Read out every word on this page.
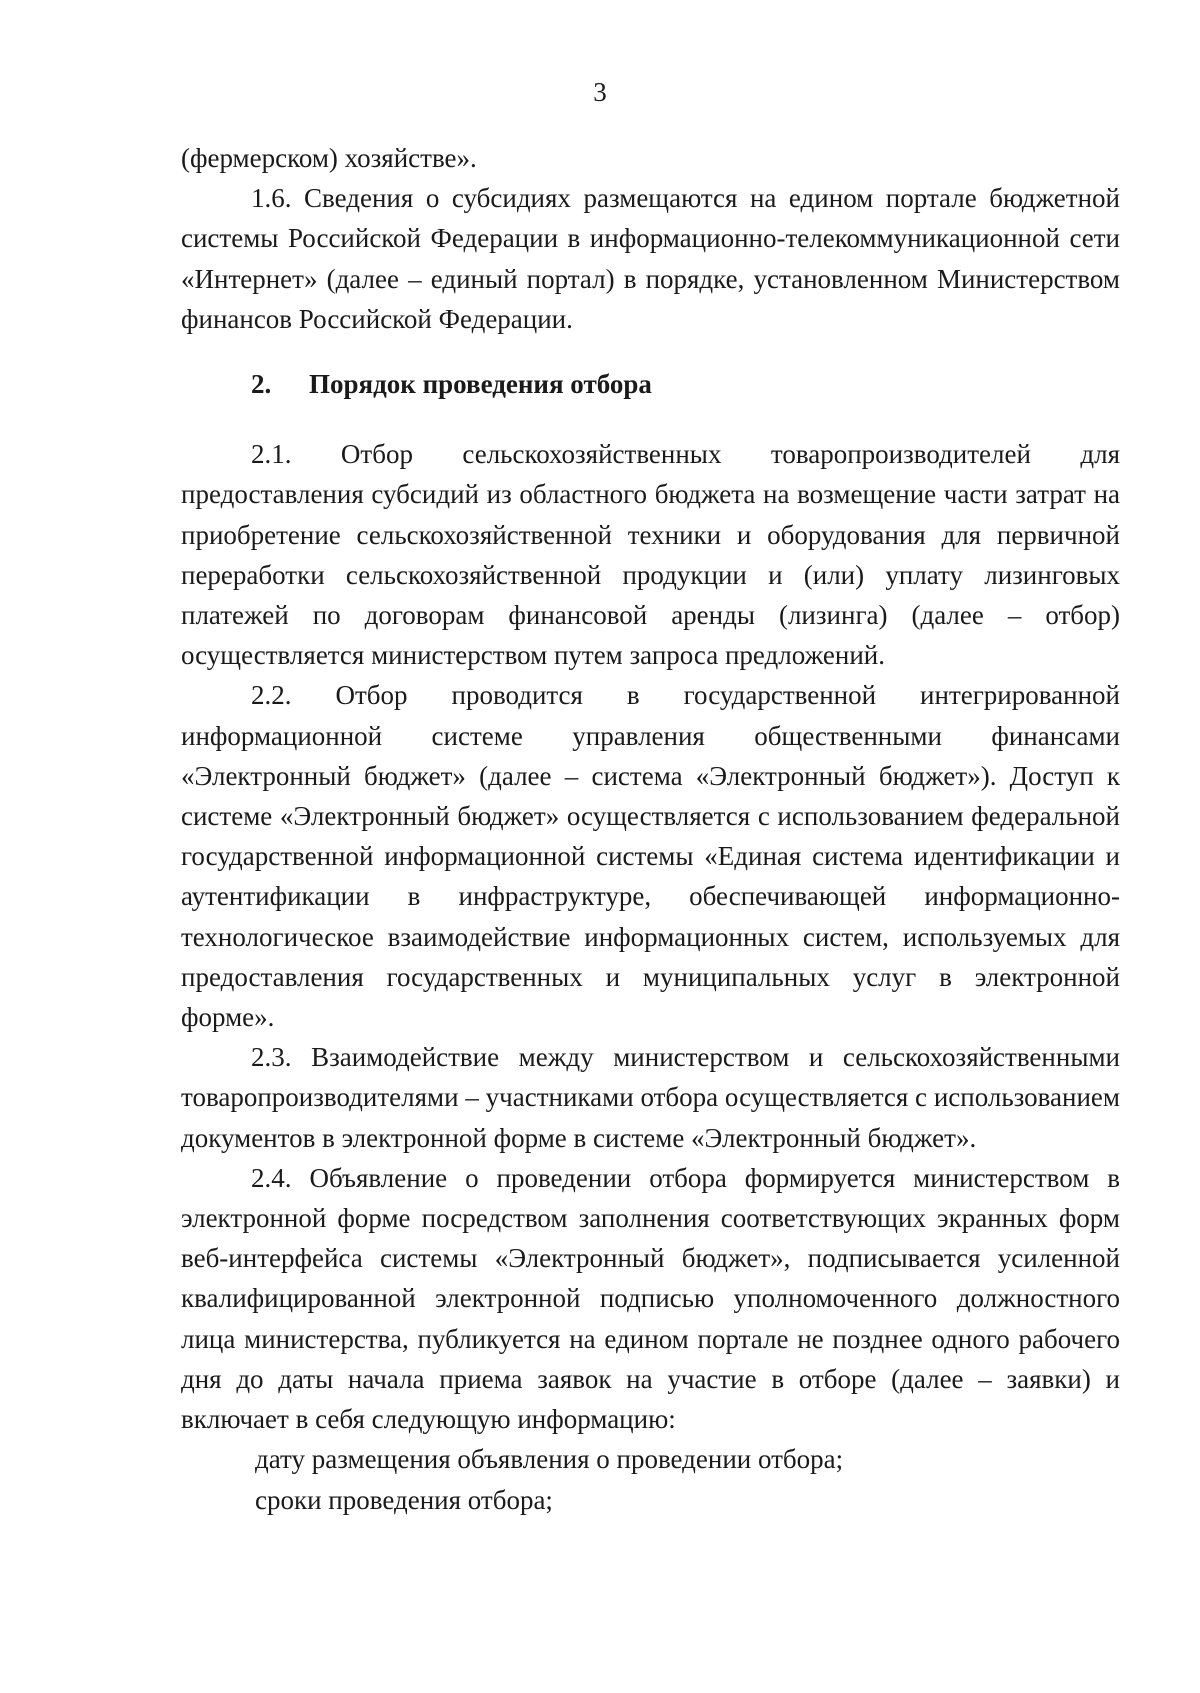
3

(фермерском) хозяйстве».

1.6. Сведения о субсидиях размещаются на едином портале бюджетной системы Российской Федерации в информационно-телекоммуникационной сети «Интернет» (далее – единый портал) в порядке, установленном Министерством финансов Российской Федерации.

2. Порядок проведения отбора

2.1. Отбор сельскохозяйственных товаропроизводителей для предоставления субсидий из областного бюджета на возмещение части затрат на приобретение сельскохозяйственной техники и оборудования для первичной переработки сельскохозяйственной продукции и (или) уплату лизинговых платежей по договорам финансовой аренды (лизинга) (далее – отбор) осуществляется министерством путем запроса предложений.

2.2. Отбор проводится в государственной интегрированной информационной системе управления общественными финансами «Электронный бюджет» (далее – система «Электронный бюджет»). Доступ к системе «Электронный бюджет» осуществляется с использованием федеральной государственной информационной системы «Единая система идентификации и аутентификации в инфраструктуре, обеспечивающей информационно-технологическое взаимодействие информационных систем, используемых для предоставления государственных и муниципальных услуг в электронной форме».

2.3. Взаимодействие между министерством и сельскохозяйственными товаропроизводителями – участниками отбора осуществляется с использованием документов в электронной форме в системе «Электронный бюджет».

2.4. Объявление о проведении отбора формируется министерством в электронной форме посредством заполнения соответствующих экранных форм веб-интерфейса системы «Электронный бюджет», подписывается усиленной квалифицированной электронной подписью уполномоченного должностного лица министерства, публикуется на едином портале не позднее одного рабочего дня до даты начала приема заявок на участие в отборе (далее – заявки) и включает в себя следующую информацию:

дату размещения объявления о проведении отбора;

сроки проведения отбора;
